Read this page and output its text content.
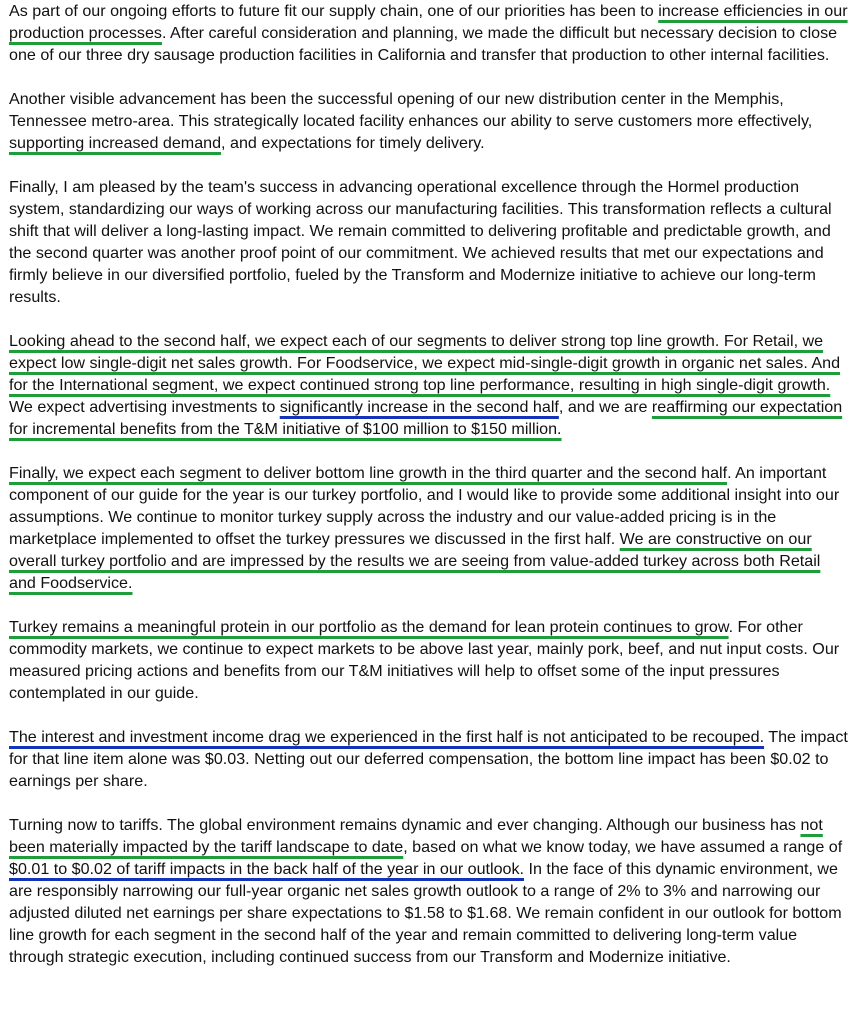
As part of our ongoing efforts to future fit our supply chain, one of our priorities has been to increase efficiencies in our production processes. After careful consideration and planning, we made the difficult but necessary decision to close one of our three dry sausage production facilities in California and transfer that production to other internal facilities.

Another visible advancement has been the successful opening of our new distribution center in the Memphis, Tennessee metro-area. This strategically located facility enhances our ability to serve customers more effectively, supporting increased demand, and expectations for timely delivery.

Finally, I am pleased by the team's success in advancing operational excellence through the Hormel production system, standardizing our ways of working across our manufacturing facilities. This transformation reflects a cultural shift that will deliver a long-lasting impact. We remain committed to delivering profitable and predictable growth, and the second quarter was another proof point of our commitment. We achieved results that met our expectations and firmly believe in our diversified portfolio, fueled by the Transform and Modernize initiative to achieve our long-term results.

Looking ahead to the second half, we expect each of our segments to deliver strong top line growth. For Retail, we expect low single-digit net sales growth. For Foodservice, we expect mid-single-digit growth in organic net sales. And for the International segment, we expect continued strong top line performance, resulting in high single-digit growth. We expect advertising investments to significantly increase in the second half, and we are reaffirming our expectation for incremental benefits from the T&M initiative of $100 million to $150 million.

Finally, we expect each segment to deliver bottom line growth in the third quarter and the second half. An important component of our guide for the year is our turkey portfolio, and I would like to provide some additional insight into our assumptions. We continue to monitor turkey supply across the industry and our value-added pricing is in the marketplace implemented to offset the turkey pressures we discussed in the first half. We are constructive on our overall turkey portfolio and are impressed by the results we are seeing from value-added turkey across both Retail and Foodservice.

Turkey remains a meaningful protein in our portfolio as the demand for lean protein continues to grow. For other commodity markets, we continue to expect markets to be above last year, mainly pork, beef, and nut input costs. Our measured pricing actions and benefits from our T&M initiatives will help to offset some of the input pressures contemplated in our guide.

The interest and investment income drag we experienced in the first half is not anticipated to be recouped. The impact for that line item alone was $0.03. Netting out our deferred compensation, the bottom line impact has been $0.02 to earnings per share.

Turning now to tariffs. The global environment remains dynamic and ever changing. Although our business has not been materially impacted by the tariff landscape to date, based on what we know today, we have assumed a range of $0.01 to $0.02 of tariff impacts in the back half of the year in our outlook. In the face of this dynamic environment, we are responsibly narrowing our full-year organic net sales growth outlook to a range of 2% to 3% and narrowing our adjusted diluted net earnings per share expectations to $1.58 to $1.68. We remain confident in our outlook for bottom line growth for each segment in the second half of the year and remain committed to delivering long-term value through strategic execution, including continued success from our Transform and Modernize initiative.
